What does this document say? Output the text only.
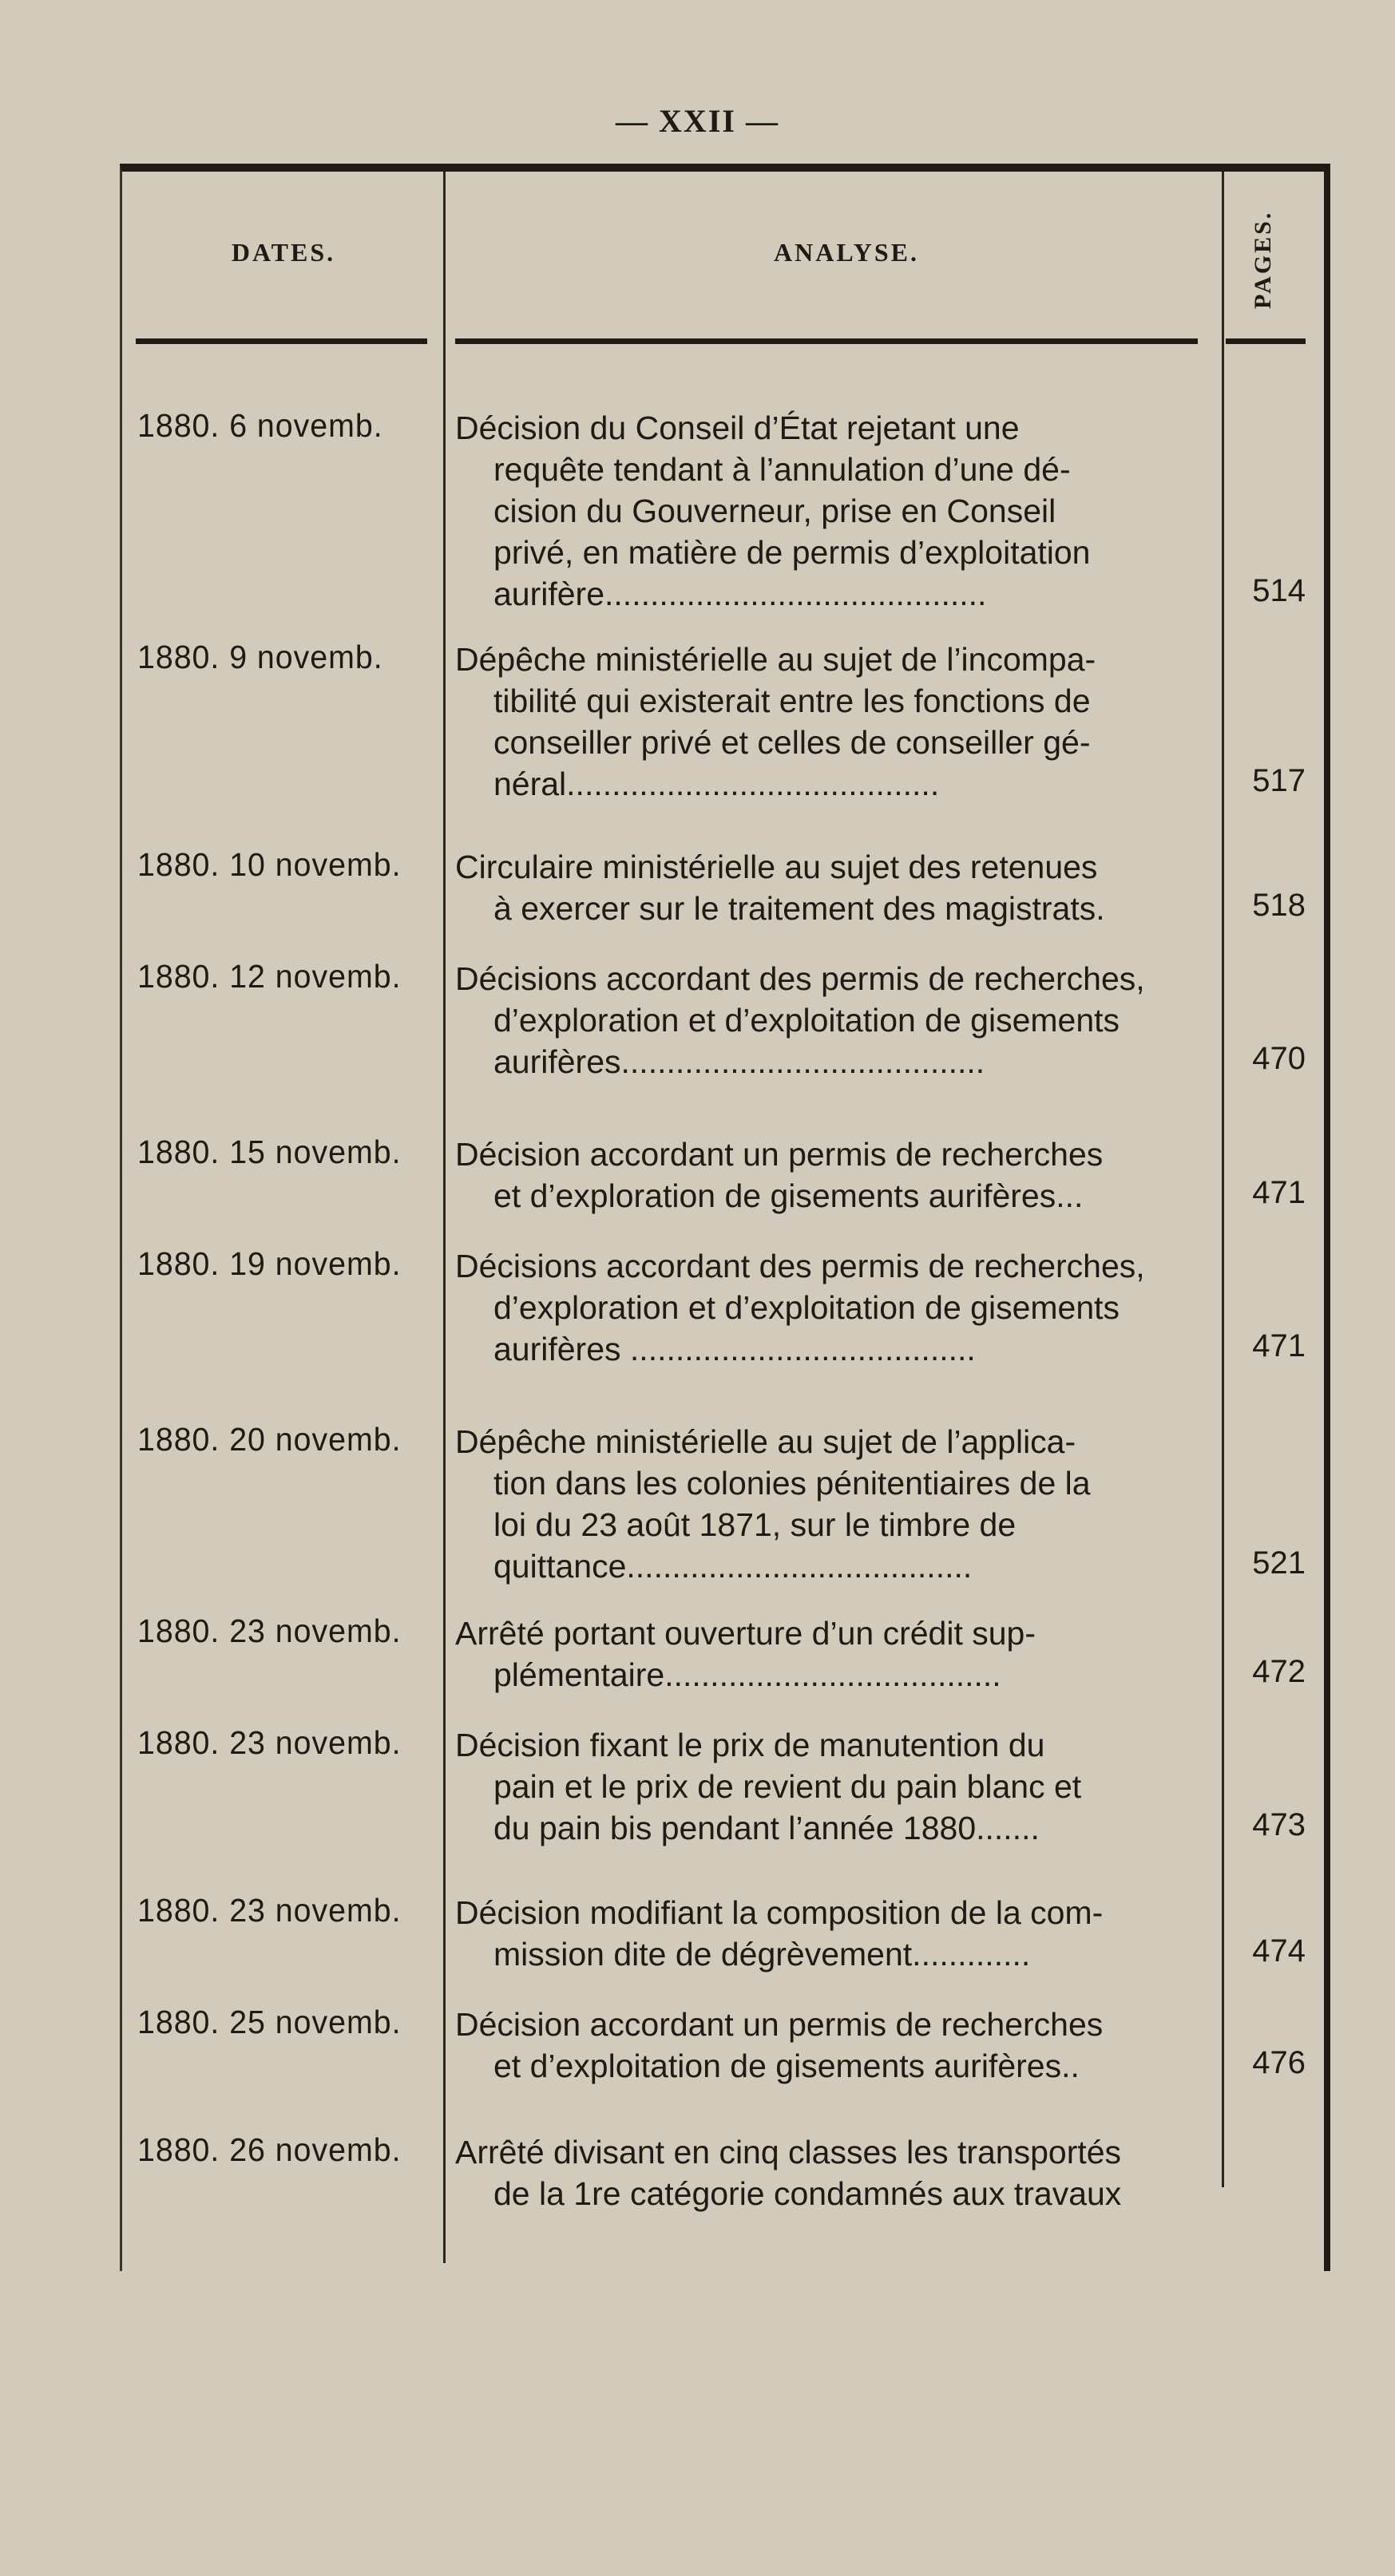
— XXII —
DATES.	ANALYSE.	PAGES.
1880. 6 novemb.	Décision du Conseil d’État rejetant une
requête tendant à l’annulation d’une dé-
cision du Gouverneur, prise en Conseil
privé, en matière de permis d’exploitation
aurifère..........................................	514
1880. 9 novemb.	Dépêche ministérielle au sujet de l’incompa-
tibilité qui existerait entre les fonctions de
conseiller privé et celles de conseiller gé-
néral.........................................	517
1880. 10 novemb.	Circulaire ministérielle au sujet des retenues
à exercer sur le traitement des magistrats.	518
1880. 12 novemb.	Décisions accordant des permis de recherches,
d’exploration et d’exploitation de gisements
aurifères........................................	470
1880. 15 novemb.	Décision accordant un permis de recherches
et d’exploration de gisements aurifères...	471
1880. 19 novemb.	Décisions accordant des permis de recherches,
d’exploration et d’exploitation de gisements
aurifères ......................................	471
1880. 20 novemb.	Dépêche ministérielle au sujet de l’applica-
tion dans les colonies pénitentiaires de la
loi du 23 août 1871, sur le timbre de
quittance......................................	521
1880. 23 novemb.	Arrêté portant ouverture d’un crédit sup-
plémentaire.....................................	472
1880. 23 novemb.	Décision fixant le prix de manutention du
pain et le prix de revient du pain blanc et
du pain bis pendant l’année 1880.......	473
1880. 23 novemb.	Décision modifiant la composition de la com-
mission dite de dégrèvement.............	474
1880. 25 novemb.	Décision accordant un permis de recherches
et d’exploitation de gisements aurifères..	476
1880. 26 novemb.	Arrêté divisant en cinq classes les transportés
de la 1re catégorie condamnés aux travaux
